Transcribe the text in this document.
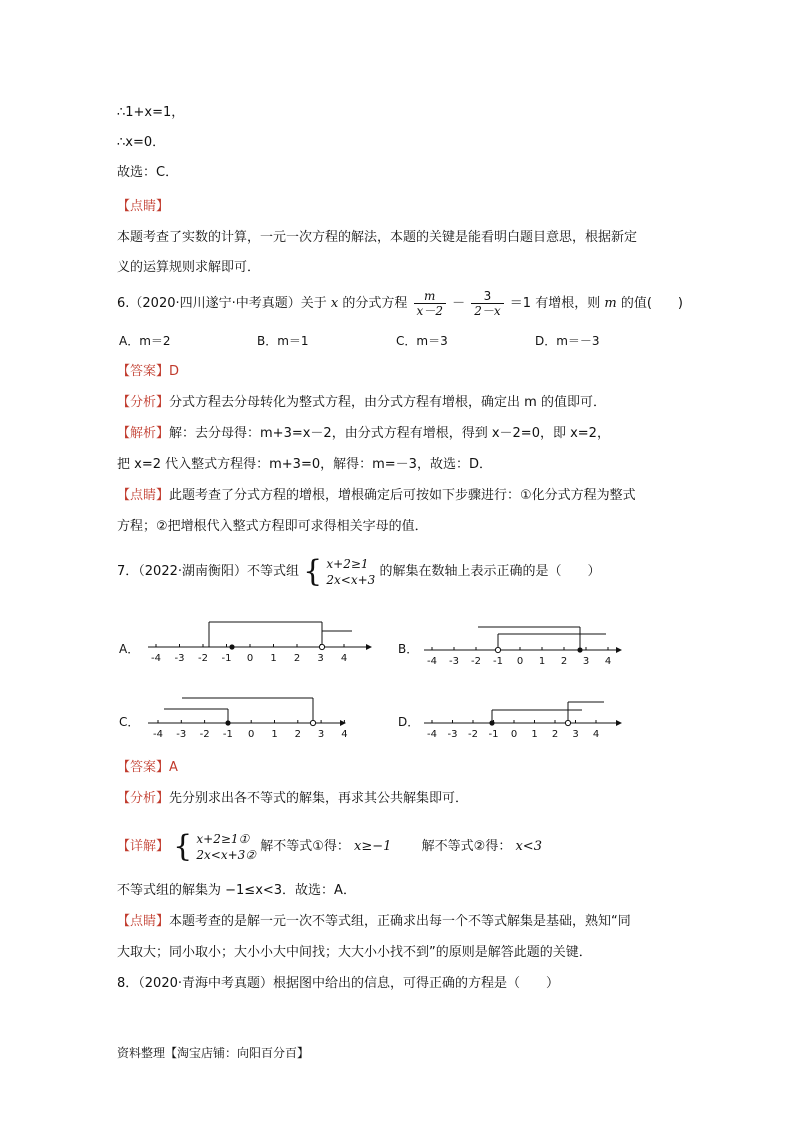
∴1+x=1，
∴x=0．
故选：C．
【点睛】
本题考查了实数的计算，一元一次方程的解法，本题的关键是能看明白题目意思，根据新定
义的运算规则求解即可．
6.（2020·四川遂宁·中考真题）关于 x 的分式方程 $\frac{m}{x-2} - \frac{3}{2-x} =1$ 有增根，则 m 的值(　　)
A．m＝2	B．m＝1	C．m＝3	D．m＝－3
【答案】D
【分析】分式方程去分母转化为整式方程，由分式方程有增根，确定出 m 的值即可．
【解析】解：去分母得：m+3=x－2，由分式方程有增根，得到 x－2=0，即 x=2，
把 x=2 代入整式方程得：m+3=0，解得：m=－3，故选：D．
【点睛】此题考查了分式方程的增根，增根确定后可按如下步骤进行：①化分式方程为整式
方程；②把增根代入整式方程即可求得相关字母的值．
7．（2022·湖南衡阳）不等式组 { x+2≥1
2x<x+3
的解集在数轴上表示正确的是（　　）
A．
-4 -3 -2 -1 0 1 2 3 4
B．
-4 -3 -2 -1 0 1 2 3 4
C．
-4 -3 -2 -1 0 1 2 3 4
D．
-4 -3 -2 -1 0 1 2 3 4
【答案】A
【分析】先分别求出各不等式的解集，再求其公共解集即可．
【详解】 { x+2≥1①
2x<x+3②
解不等式①得： x≥−1 解不等式②得： x<3
不等式组的解集为 −1≤x<3．故选：A．
【点睛】本题考查的是解一元一次不等式组，正确求出每一个不等式解集是基础，熟知“同
大取大；同小取小；大小小大中间找；大大小小找不到”的原则是解答此题的关键．
8．（2020·青海中考真题）根据图中给出的信息，可得正确的方程是（　　）
资料整理【淘宝店铺：向阳百分百】
